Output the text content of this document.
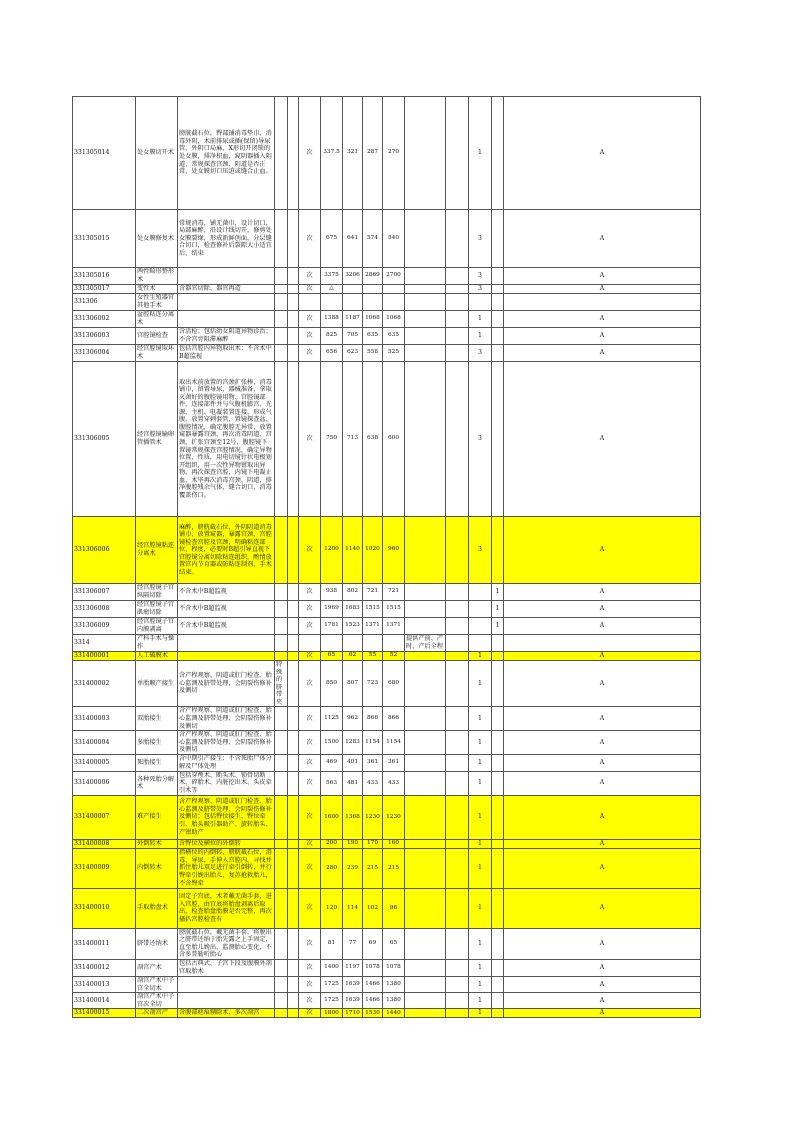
331305014	处女膜切开术	膀胱截石位，臀部铺消毒垫巾，消毒外阴，术前排尿或插(保留)导尿管，外阴口局麻，X形切开闭锁的处女膜，排净积血，窥阴器插入阴道，常规探查宫颈、阴道是否正常，处女膜切口压迫或缝合止血。			次	337.5	321	287	270			1		A
331305015	处女膜修复术	常规消毒，铺无菌巾，设计切口，局部麻醉，沿设计线切开，修剪处女膜裂缘，形成新鲜创面，分层缝合切口，检查修补后裂隙大小适宜后，结束			次	675	641	574	540			3		A
331305016	两性畸形整形术				次	3375	3206	2869	2700			3		A
331305017	变性术	含器官切除、器官再造			次	△						3		A
331306	女性生殖器官其他手术													
331306002	盆腔粘连分离术				次	1388	1187	1068	1068			1		A
331306003	宫腔镜检查	含活检；包括幼女阴道异物诊治；不含宫旁阻滞麻醉			次	825	705	635	635			1		A
331306004	经宫腔镜取环术	包括宫腔内异物取出术；不含术中B超监视			次	656	623	558	525			3		A
331306005	经宫腔镜输卵管插管术	取出术前放置的宫颈扩张棒，消毒铺巾，留置导尿，器械准备，拿取灭菌好的腹腔镜用物、宫腔镜部件，连接部件并与气腹机膨宫、光源、主机、电凝装置连接，形成气腹，放置穿刺套管，置镜探查盆、腹腔情况，确定腹腔无异常，放置窥器暴露宫颈，再次消毒阴道、宫颈，扩张宫颈至12号，腹腔镜下置镜常规探查宫腔情况，确定异物位置、性质，用电切镜针状电极划开组织，用一次性异物钳取出异物，再次探查宫腔，内镜下电凝止血，术毕再次消毒宫颈、阴道，排净腹腔残余气体，缝合切口，消毒覆盖伤口。			次	750	713	638	600			3		A
331306006	经宫腔镜粘连分离术	麻醉，膀胱截石位，外阴阴道消毒铺巾，放置窥器，暴露宫颈，宫腔镜检查宫腔及宫颈，明确粘连部位、程度，必要时B超引导直视下宫腔镜分离切除粘连组织，酌情放置宫内节育器或防粘连制剂，手术结束。			次	1200	1140	1020	960			3		A
331306007	经宫腔镜子宫纵隔切除	不含术中B超监视			次	938	802	721	721				1	A
331306008	经宫腔镜子宫肌瘤切除	不含术中B超监视			次	1969	1683	1515	1515				1	A
331306009	经宫腔镜子宫内膜剥离	不含术中B超监视			次	1781	1523	1371	1371				1	A
3314	产科手术与操作									提供产前、产时、产后全程				
331400001	人工破膜术				次	65	62	55	52			1		A
331400002	单胎顺产接生	含产程观察、阴道或肛门检查、胎心监测及脐带处理，会阴裂伤修补及侧切	特殊的脐带夹		次	850	807	723	680			1		A
331400003	双胎接生	含产程观察、阴道或肛门检查、胎心监测及脐带处理、会阴裂伤修补及侧切			次	1125	962	866	866			1		A
331400004	多胎接生	含产程观察、阴道或肛门检查、胎心监测及脐带处理、会阴裂伤修补及侧切			次	1500	1283	1154	1154			1		A
331400005	死胎接生	含中期引产接生；不含死胎尸体分解及尸体处理			次	469	401	361	361			1		A
331400006	各种死胎分解术	包括穿颅术、断头术、锁骨切断术、碎胎术、内脏挖出术、头皮牵引术等			次	563	481	433	433			1		A
331400007	难产接生	含产程观察、阴道或肛门检查、胎心监测及脐带处理、会阴裂伤修补及侧切；包括臀位接生、臀位牵引、胎头吸引器助产、旋转胎头、产钳助产			次	1600	1368	1230	1230			1		A
331400008	外倒转术	含臀位及横位的外倒转			次	200	190	170	160			1		A
331400009	内倒转术	指横位的内倒转，膀胱截石位，消毒、导尿，手伸入宫腔内，寻找并抓住胎儿双足进行牵引倒转，并行臀牵引娩出胎儿，复苏抢救胎儿，不含臀牵			次	280	239	215	215			1		A
331400010	手取胎盘术	固定子宫底，术者戴无菌手套，进入宫腔，由宫底将胎盘剥离后取出，检查胎盘胎膜是否完整，再次搔扒宫腔检查有			次	120	114	102	96			1		A
331400011	脐带还纳术	膀胱截石位，戴无菌手套，将脱出之脐带还纳于胎先露之上手固定，直至胎儿娩出，监测胎心变化，不含多普勒听胎心			次	81	77	69	65			1		A
331400012	剖宫产术	包括古典式、子宫下段及腹膜外剖宫取胎术			次	1400	1197	1078	1078			1		A
331400013	剖宫产术中子宫全切术				次	1725	1639	1466	1380			1		A
331400014	剖宫产术中子宫次全切				次	1725	1639	1466	1380			1		A
331400015	二次剖宫产	含腹部疤痕剔除术，多次剖宫			次	1800	1710	1530	1440			1		A
